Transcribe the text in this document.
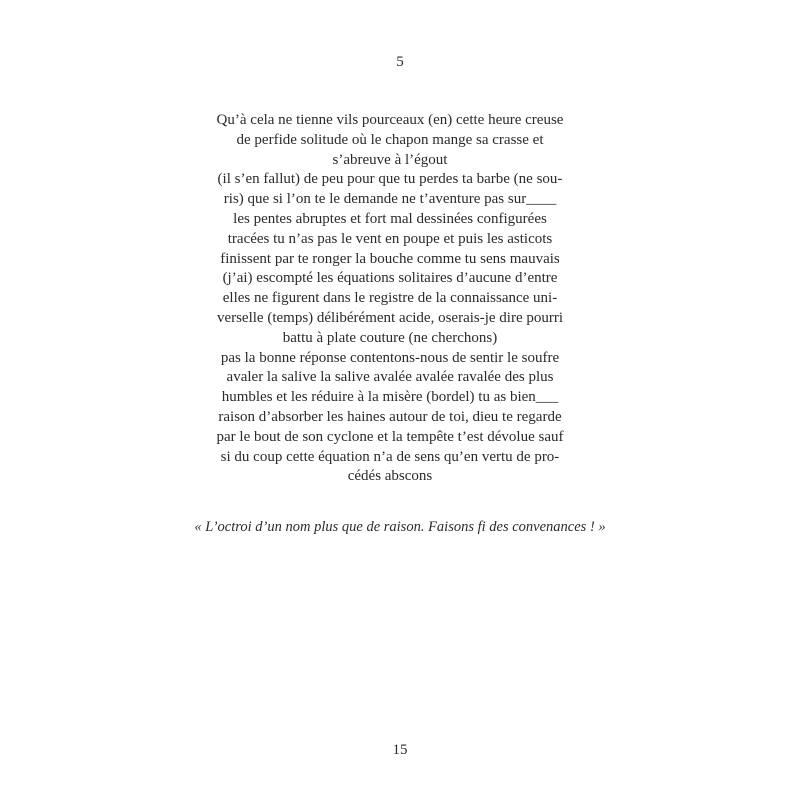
5
Qu’à cela ne tienne vils pourceaux (en) cette heure creuse
de perfide solitude où le chapon mange sa crasse et
s’abreuve à l’égout
(il s’en fallut) de peu pour que tu perdes ta barbe (ne sou-
ris) que si l’on te le demande ne t’aventure pas sur____
les pentes abruptes et fort mal dessinées configurées
tracées tu n’as pas le vent en poupe et puis les asticots
finissent par te ronger la bouche comme tu sens mauvais
(j’ai) escompté les équations solitaires d’aucune d’entre
elles ne figurent dans le registre de la connaissance uni-
verselle (temps) délibérément acide, oserais-je dire pourri
battu à plate couture (ne cherchons)
pas la bonne réponse contentons-nous de sentir le soufre
avaler la salive la salive avalée avalée ravalée des plus
humbles et les réduire à la misère (bordel) tu as bien___
raison d’absorber les haines autour de toi, dieu te regarde
par le bout de son cyclone et la tempête t’est dévolue sauf
si du coup cette équation n’a de sens qu’en vertu de pro-
cédés abscons
« L’octroi d’un nom plus que de raison. Faisons fi des convenances ! »
15
